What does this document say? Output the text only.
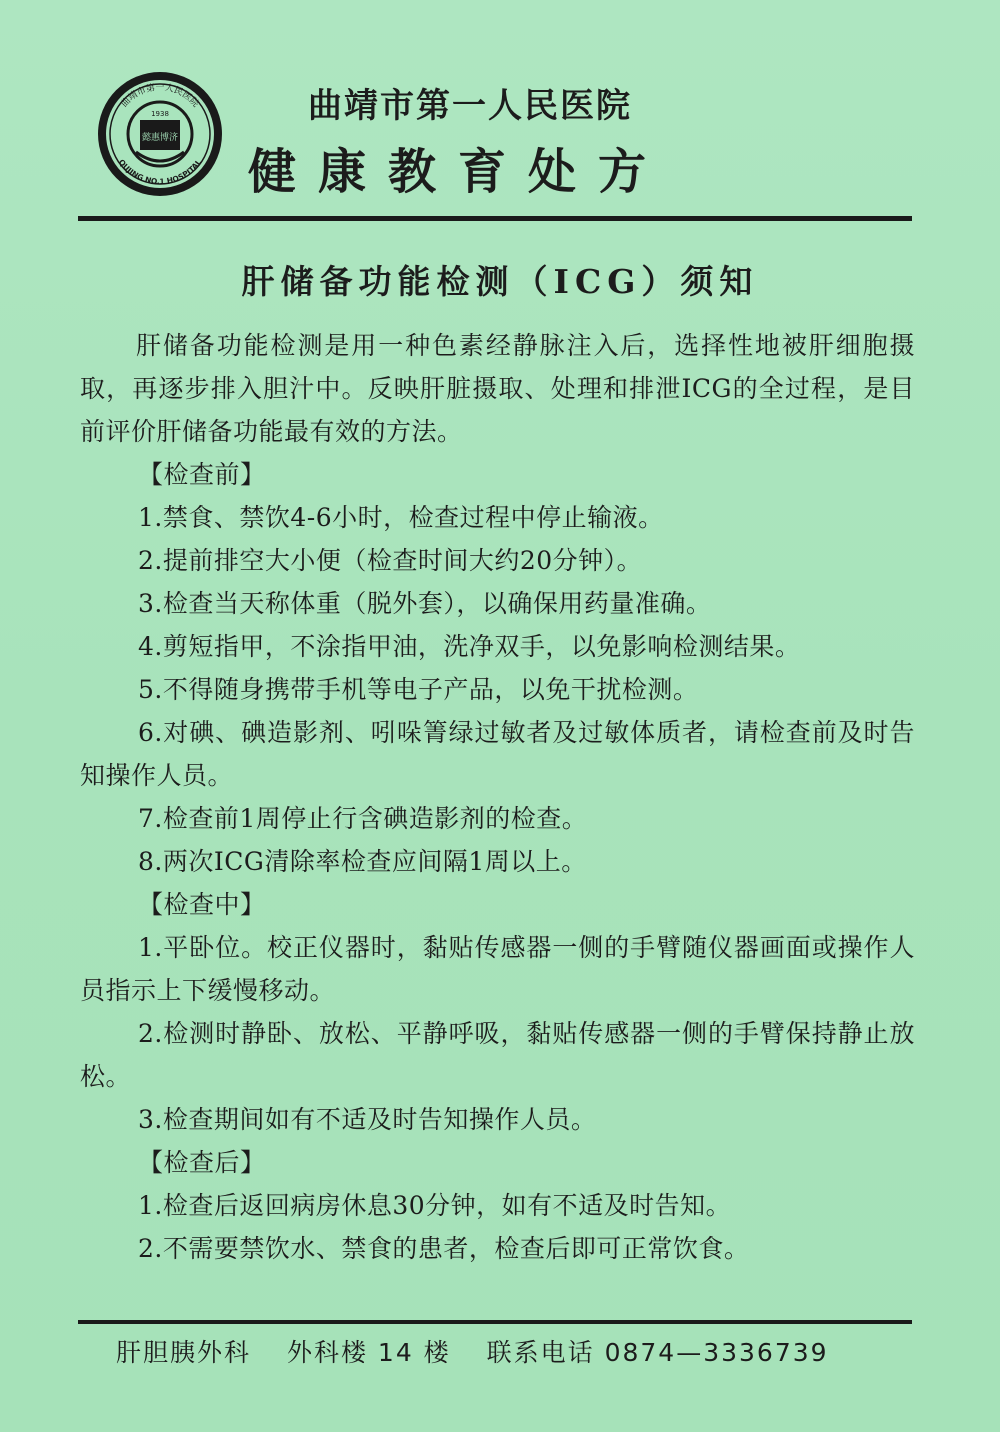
曲靖市第一人民医院
QUJING NO.1 HOSPITAL
1938
懿惠博济
曲靖市第一人民医院
健康教育处方
肝储备功能检测（ICG）须知

肝储备功能检测是用一种色素经静脉注入后，选择性地被肝细胞摄取，再逐步排入胆汁中。反映肝脏摄取、处理和排泄ICG的全过程，是目前评价肝储备功能最有效的方法。

【检查前】

1.禁食、禁饮4-6小时，检查过程中停止输液。

2.提前排空大小便（检查时间大约20分钟）。

3.检查当天称体重（脱外套），以确保用药量准确。

4.剪短指甲，不涂指甲油，洗净双手，以免影响检测结果。

5.不得随身携带手机等电子产品，以免干扰检测。

6.对碘、碘造影剂、吲哚箐绿过敏者及过敏体质者，请检查前及时告知操作人员。

7.检查前1周停止行含碘造影剂的检查。

8.两次ICG清除率检查应间隔1周以上。

【检查中】

1.平卧位。校正仪器时，黏贴传感器一侧的手臂随仪器画面或操作人员指示上下缓慢移动。

2.检测时静卧、放松、平静呼吸，黏贴传感器一侧的手臂保持静止放松。

3.检查期间如有不适及时告知操作人员。

【检查后】

1.检查后返回病房休息30分钟，如有不适及时告知。

2.不需要禁饮水、禁食的患者，检查后即可正常饮食。

肝胆胰外科 外科楼 14 楼 联系电话 0874—3336739
